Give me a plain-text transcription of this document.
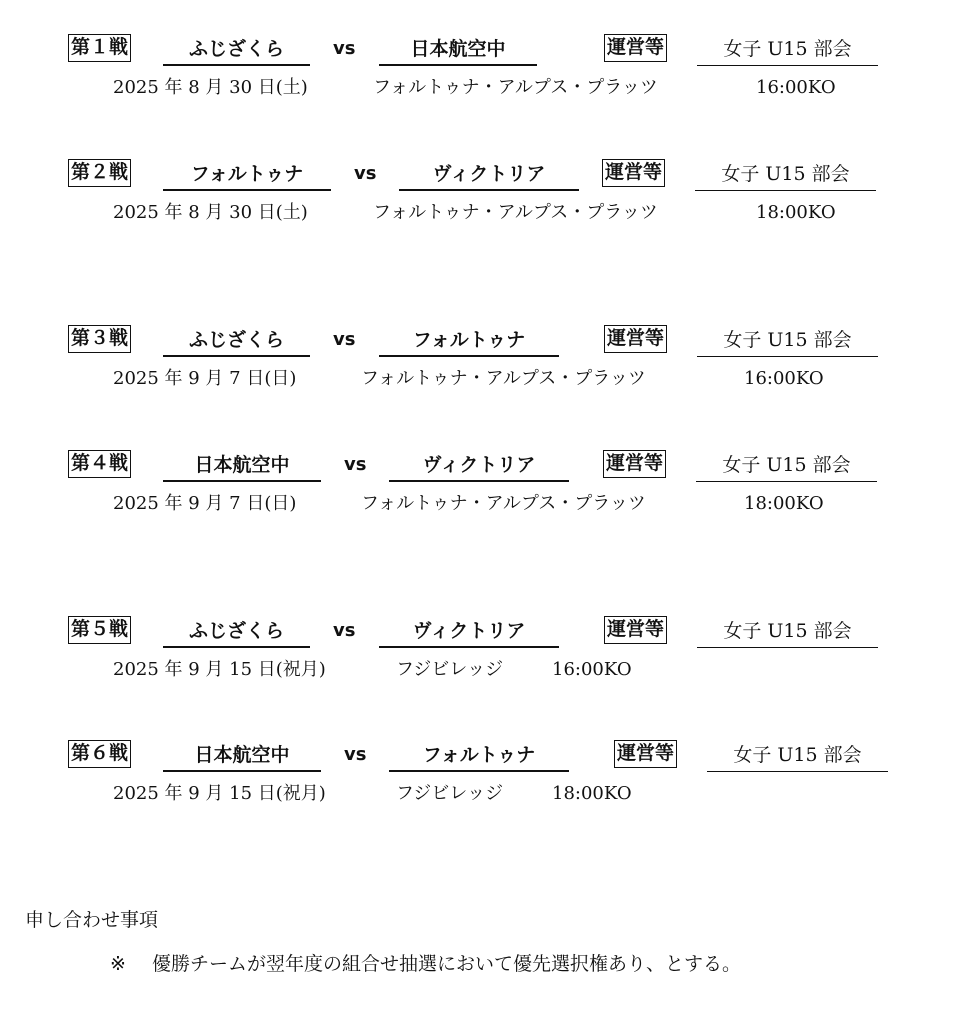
第１戦	ふじざくら	vs	日本航空中	運営等	女子 U15 部会
2025 年 8 月 30 日(土)	フォルトゥナ・アルプス・プラッツ	16:00KO
第２戦	フォルトゥナ	vs	ヴィクトリア	運営等	女子 U15 部会
2025 年 8 月 30 日(土)	フォルトゥナ・アルプス・プラッツ	18:00KO
第３戦	ふじざくら	vs	フォルトゥナ	運営等	女子 U15 部会
2025 年 9 月 7 日(日)	フォルトゥナ・アルプス・プラッツ	16:00KO
第４戦	日本航空中	vs	ヴィクトリア	運営等	女子 U15 部会
2025 年 9 月 7 日(日)	フォルトゥナ・アルプス・プラッツ	18:00KO
第５戦	ふじざくら	vs	ヴィクトリア	運営等	女子 U15 部会
2025 年 9 月 15 日(祝月)	フジビレッジ	16:00KO
第６戦	日本航空中	vs	フォルトゥナ	運営等	女子 U15 部会
2025 年 9 月 15 日(祝月)	フジビレッジ	18:00KO
申し合わせ事項
※ 優勝チームが翌年度の組合せ抽選において優先選択権あり、とする。
